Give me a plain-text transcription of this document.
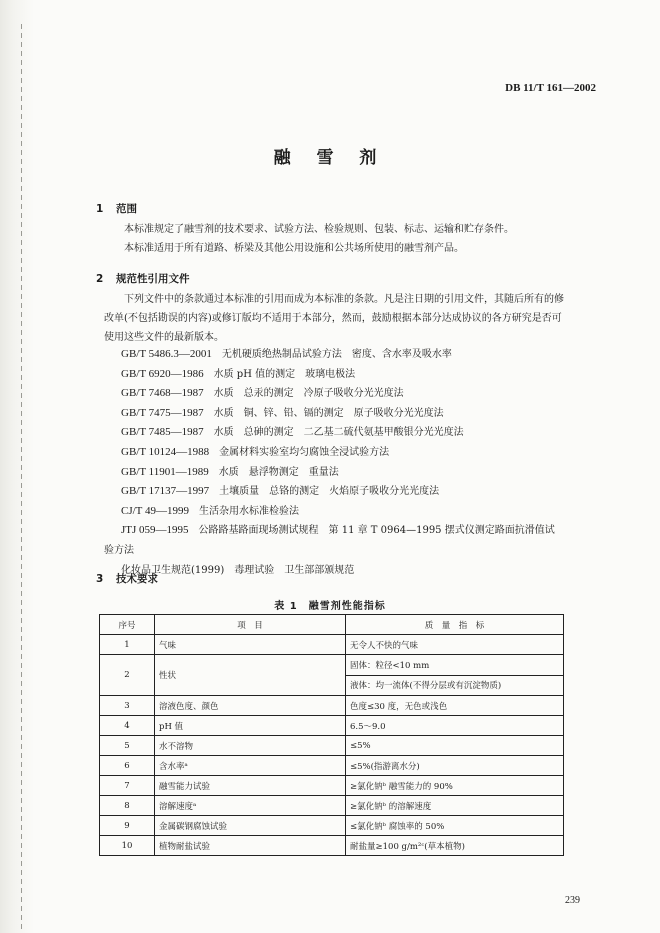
DB 11/T 161—2002
融 雪 剂
1 范围
本标准规定了融雪剂的技术要求、试验方法、检验规则、包装、标志、运输和贮存条件。
本标准适用于所有道路、桥梁及其他公用设施和公共场所使用的融雪剂产品。
2 规范性引用文件
下列文件中的条款通过本标准的引用而成为本标准的条款。凡是注日期的引用文件，其随后所有的修改单(不包括勘误的内容)或修订版均不适用于本部分，然而，鼓励根据本部分达成协议的各方研究是否可使用这些文件的最新版本。
GB/T 5486.3—2001　 无机硬质绝热制品试验方法　密度、含水率及吸水率
GB/T 6920—1986　 水质 pH 值的测定　玻璃电极法
GB/T 7468—1987　 水质　总汞的测定　冷原子吸收分光光度法
GB/T 7475—1987　 水质　铜、锌、铅、镉的测定　原子吸收分光光度法
GB/T 7485—1987　 水质　总砷的测定　二乙基二硫代氨基甲酸银分光光度法
GB/T 10124—1988　 金属材料实验室均匀腐蚀全浸试验方法
GB/T 11901—1989　 水质　悬浮物测定　重量法
GB/T 17137—1997　 土壤质量　总铬的测定　火焰原子吸收分光光度法
CJ/T 49—1999　 生活杂用水标准检验法
JTJ 059—1995　 公路路基路面现场测试规程　第 11 章 T 0964—1995 摆式仪测定路面抗滑值试
验方法
化妆品卫生规范(1999)　 毒理试验　卫生部部颁规范
3 技术要求
表 1　融雪剂性能指标
序号	项　目	质　量　指　标
1	气味	无令人不快的气味
2	性状	固体：粒径<10 mm
		液体：均一流体(不得分层或有沉淀物质)
3	溶液色度、颜色	色度≤30 度，无色或浅色
4	pH 值	6.5～9.0
5	水不溶物	≤5%
6	含水率ᵃ	≤5%(指游离水分)
7	融雪能力试验	≥氯化钠ᵇ 融雪能力的 90%
8	溶解速度ᵃ	≥氯化钠ᵇ 的溶解速度
9	金属碳钢腐蚀试验	≤氯化钠ᵇ 腐蚀率的 50%
10	植物耐盐试验	耐盐量≥100 g/m²ᶜ(草本植物)
239
